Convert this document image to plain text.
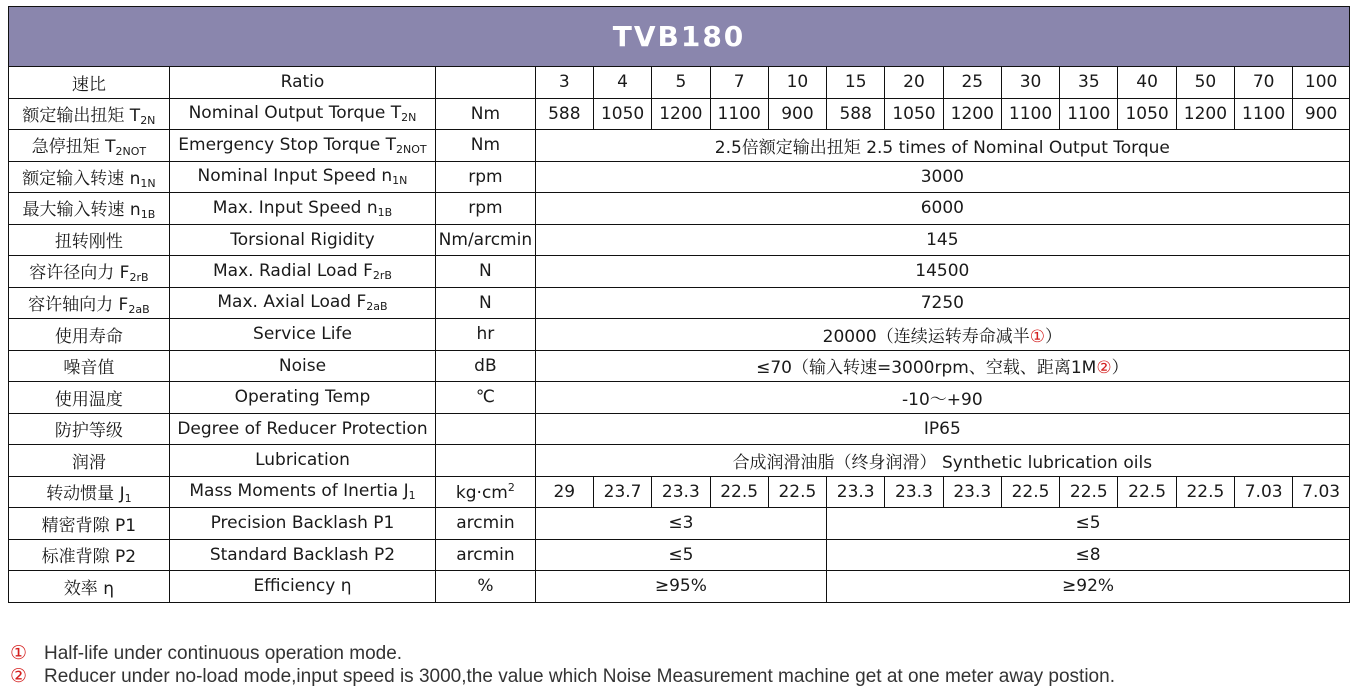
TVB180																
速比	Ratio		3	4	5	7	10	15	20	25	30	35	40	50	70	100
额定输出扭矩 $T_{2N}$	Nominal Output Torque $T_{2N}$	Nm	588	1050	1200	1100	900	588	1050	1200	1100	1100	1050	1200	1100	900
急停扭矩 $T_{2NOT}$	Emergency Stop Torque $T_{2NOT}$	Nm	2.5倍额定输出扭矩 2.5 times of Nominal Output Torque													
额定输入转速 $n_{1N}$	Nominal Input Speed $n_{1N}$	rpm	3000													
最大输入转速 $n_{1B}$	Max. Input Speed $n_{1B}$	rpm	6000													
扭转刚性	Torsional Rigidity	Nm/arcmin	145													
容许径向力 $F_{2rB}$	Max. Radial Load $F_{2rB}$	N	14500													
容许轴向力 $F_{2aB}$	Max. Axial Load $F_{2aB}$	N	7250													
使用寿命	Service Life	hr	20000（连续运转寿命减半①）													
噪音值	Noise	dB	≤70（输入转速=3000rpm、空载、距离1M②）													
使用温度	Operating Temp	℃	-10～+90													
防护等级	Degree of Reducer Protection		IP65													
润滑	Lubrication		合成润滑油脂（终身润滑） Synthetic lubrication oils													
转动惯量 $J_1$	Mass Moments of Inertia $J_1$	$kg\cdot cm^2$	29	23.7	23.3	22.5	22.5	23.3	23.3	23.3	22.5	22.5	22.5	22.5	7.03	7.03
精密背隙 P1	Precision Backlash P1	arcmin	≤3					≤5								
标准背隙 P2	Standard Backlash P2	arcmin	≤5					≤8								
效率 η	Efficiency η	%	≥95%					≥92%								
① Half-life under continuous operation mode.
② Reducer under no-load mode,input speed is 3000,the value which Noise Measurement machine get at one meter away postion.
